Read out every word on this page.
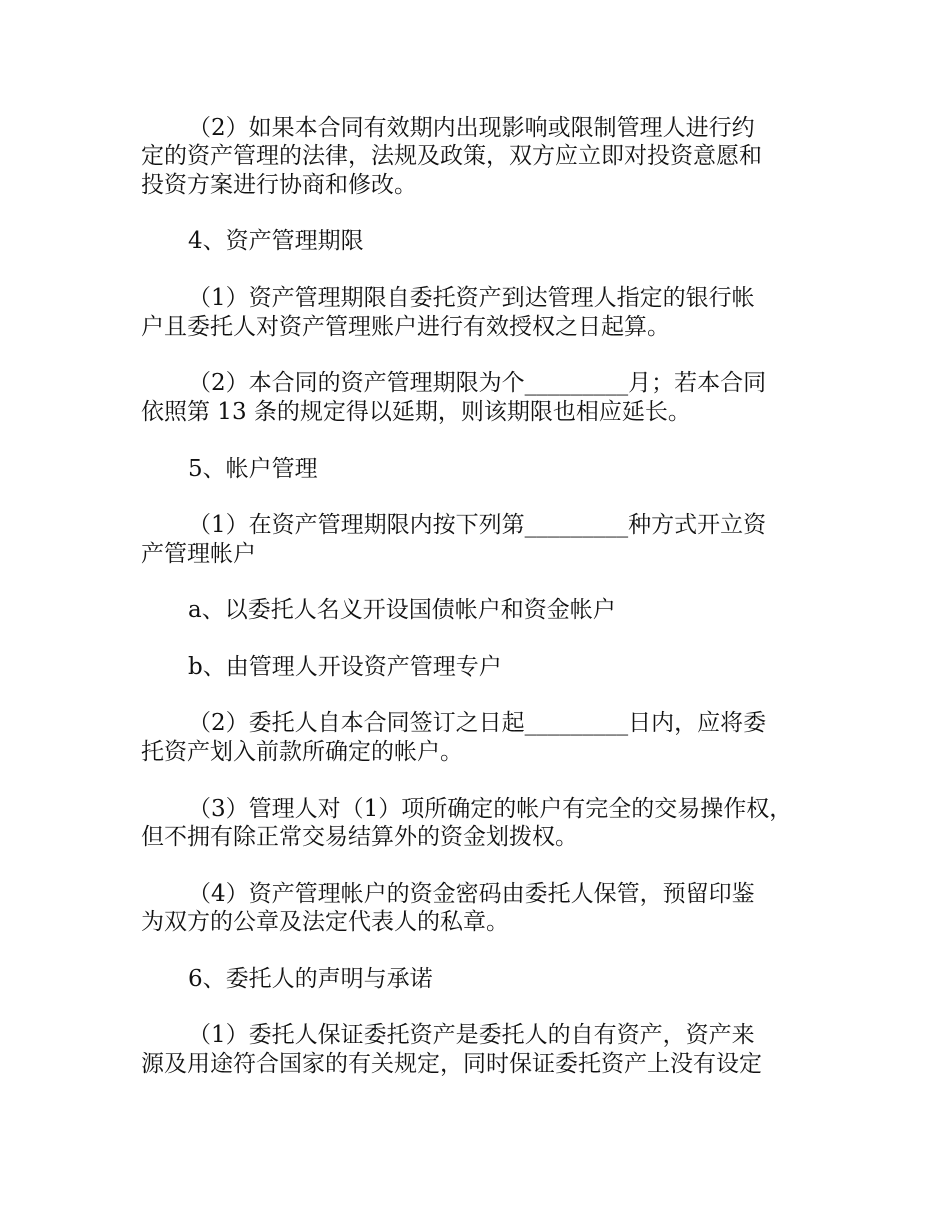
（2）如果本合同有效期内出现影响或限制管理人进行约
定的资产管理的法律，法规及政策，双方应立即对投资意愿和
投资方案进行协商和修改。
4、资产管理期限
（1）资产管理期限自委托资产到达管理人指定的银行帐
户且委托人对资产管理账户进行有效授权之日起算。
（2）本合同的资产管理期限为个_________月；若本合同
依照第 13 条的规定得以延期，则该期限也相应延长。
5、帐户管理
（1）在资产管理期限内按下列第_________种方式开立资
产管理帐户
a、以委托人名义开设国债帐户和资金帐户
b、由管理人开设资产管理专户
（2）委托人自本合同签订之日起_________日内，应将委
托资产划入前款所确定的帐户。
（3）管理人对（1）项所确定的帐户有完全的交易操作权，
但不拥有除正常交易结算外的资金划拨权。
（4）资产管理帐户的资金密码由委托人保管，预留印鉴
为双方的公章及法定代表人的私章。
6、委托人的声明与承诺
（1）委托人保证委托资产是委托人的自有资产，资产来
源及用途符合国家的有关规定，同时保证委托资产上没有设定
